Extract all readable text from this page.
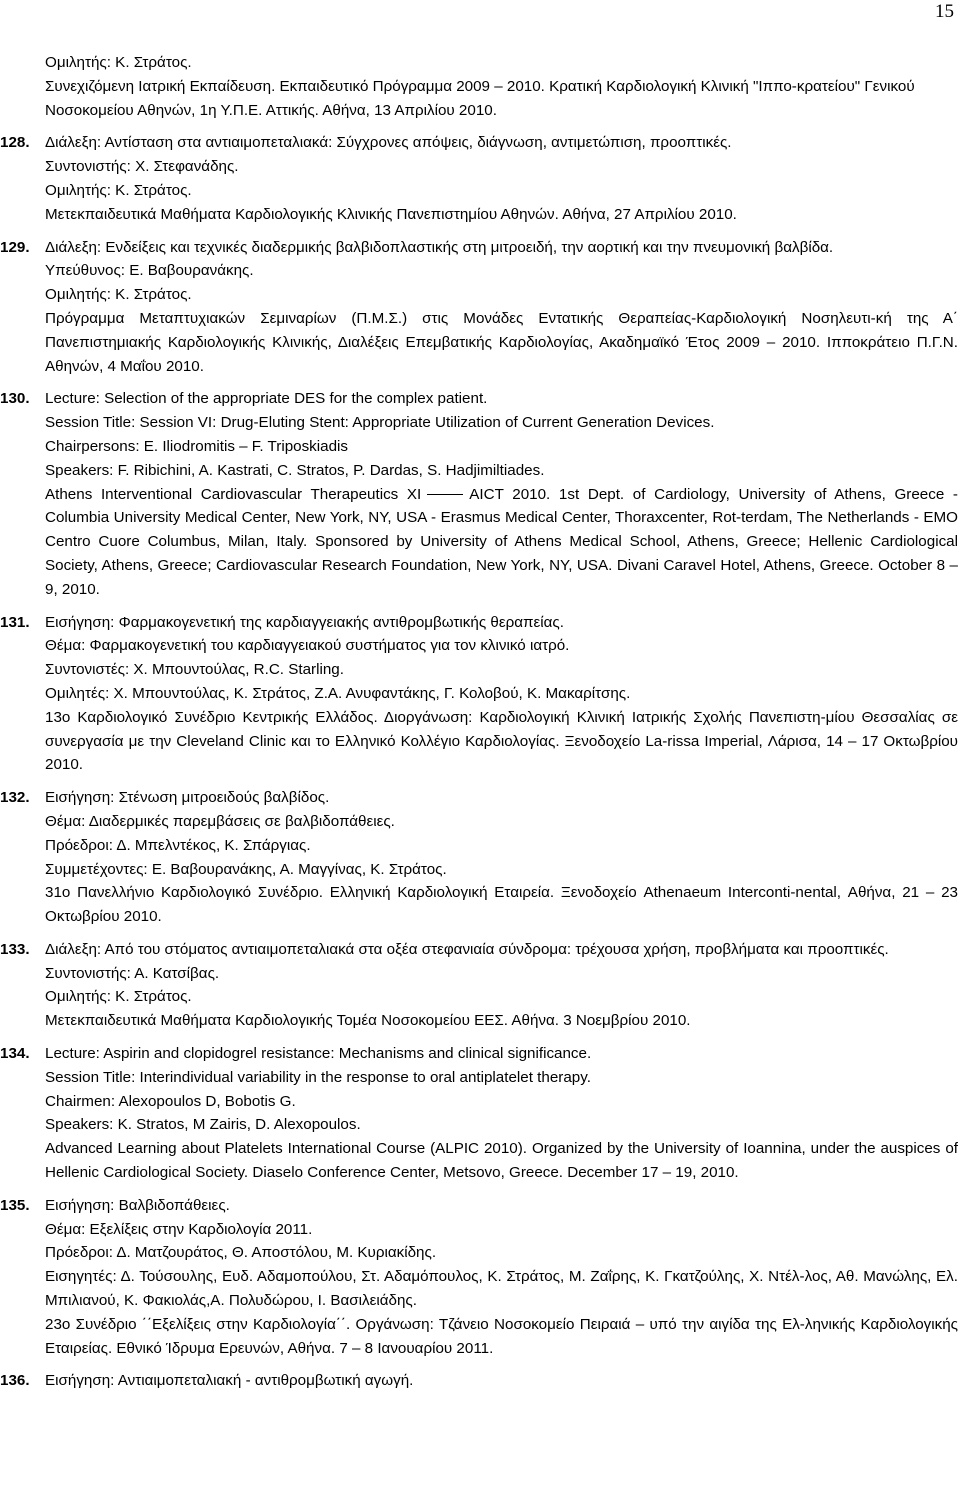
15
Ομιλητής: Κ. Στράτος.
Συνεχιζόμενη Ιατρική Εκπαίδευση. Εκπαιδευτικό Πρόγραμμα 2009 – 2010. Κρατική Καρδιολογική Κλινική "Ιππο-κρατείου" Γενικού Νοσοκομείου Αθηνών, 1η Υ.Π.Ε. Αττικής. Αθήνα, 13 Απριλίου 2010.
128.	Διάλεξη: Αντίσταση στα αντιαιμοπεταλιακά: Σύγχρονες απόψεις, διάγνωση, αντιμετώπιση, προοπτικές.
Συντονιστής: Χ. Στεφανάδης.
Ομιλητής: Κ. Στράτος.
Μετεκπαιδευτικά Μαθήματα Καρδιολογικής Κλινικής Πανεπιστημίου Αθηνών. Αθήνα, 27 Απριλίου 2010.
129.	Διάλεξη: Ενδείξεις και τεχνικές διαδερμικής βαλβιδοπλαστικής στη μιτροειδή, την αορτική και την πνευμονική βαλβίδα.
Υπεύθυνος: Ε. Βαβουρανάκης.
Ομιλητής: Κ. Στράτος.
Πρόγραμμα Μεταπτυχιακών Σεμιναρίων (Π.Μ.Σ.) στις Μονάδες Εντατικής Θεραπείας-Καρδιολογική Νοσηλευτι-κή της Α΄ Πανεπιστημιακής Καρδιολογικής Κλινικής, Διαλέξεις Επεμβατικής Καρδιολογίας, Ακαδημαϊκό Έτος 2009 – 2010. Ιπποκράτειο Π.Γ.Ν. Αθηνών, 4 Μαΐου 2010.
130.	Lecture: Selection of the appropriate DES for the complex patient.
Session Title: Session VI: Drug-Eluting Stent: Appropriate Utilization of Current Generation Devices.
Chairpersons: E. Iliodromitis – F. Triposkiadis
Speakers: F. Ribichini, A. Kastrati, C. Stratos, P. Dardas, S. Hadjimiltiades.
Athens Interventional Cardiovascular Therapeutics XI	AICT 2010. 1st Dept. of Cardiology, University of Athens, Greece - Columbia University Medical Center, New York, NY, USA - Erasmus Medical Center, Thoraxcenter, Rot-terdam, The Netherlands - EMO Centro Cuore Columbus, Milan, Italy. Sponsored by University of Athens Medical School, Athens, Greece; Hellenic Cardiological Society, Athens, Greece; Cardiovascular Research Foundation, New York, NY, USA. Divani Caravel Hotel, Athens, Greece. October 8 – 9, 2010.
131.	Εισήγηση: Φαρμακογενετική της καρδιαγγειακής αντιθρομβωτικής θεραπείας.
Θέμα: Φαρμακογενετική του καρδιαγγειακού συστήματος για τον κλινικό ιατρό.
Συντονιστές: Χ. Μπουντούλας, R.C. Starling.
Ομιλητές: Χ. Μπουντούλας, Κ. Στράτος, Ζ.Α. Ανυφαντάκης, Γ. Κολοβού, Κ. Μακαρίτσης.
13ο Καρδιολογικό Συνέδριο Κεντρικής Ελλάδος. Διοργάνωση: Καρδιολογική Κλινική Ιατρικής Σχολής Πανεπιστη-μίου Θεσσαλίας σε συνεργασία με την Cleveland Clinic και το Ελληνικό Κολλέγιο Καρδιολογίας. Ξενοδοχείο La-rissa Imperial, Λάρισα, 14 – 17 Οκτωβρίου 2010.
132.	Εισήγηση: Στένωση μιτροειδούς βαλβίδος.
Θέμα: Διαδερμικές παρεμβάσεις σε βαλβιδοπάθειες.
Πρόεδροι: Δ. Μπελντέκος, Κ. Σπάργιας.
Συμμετέχοντες: Ε. Βαβουρανάκης, Α. Μαγγίνας, Κ. Στράτος.
31ο Πανελλήνιο Καρδιολογικό Συνέδριο. Ελληνική Καρδιολογική Εταιρεία. Ξενοδοχείο Athenaeum Interconti-nental, Αθήνα, 21 – 23 Οκτωβρίου 2010.
133.	Διάλεξη: Από του στόματος αντιαιμοπεταλιακά στα οξέα στεφανιαία σύνδρομα: τρέχουσα χρήση, προβλήματα και προοπτικές.
Συντονιστής: Α. Κατσίβας.
Ομιλητής: Κ. Στράτος.
Μετεκπαιδευτικά Μαθήματα Καρδιολογικής Τομέα Νοσοκομείου ΕΕΣ. Αθήνα. 3 Νοεμβρίου 2010.
134.	Lecture: Aspirin and clopidogrel resistance: Mechanisms and clinical significance.
Session Title: Interindividual variability in the response to oral antiplatelet therapy.
Chairmen: Alexopoulos D, Bobotis G.
Speakers: K. Stratos, M Zairis, D. Alexopoulos.
Advanced Learning about Platelets International Course (ALPIC 2010). Organized by the University of Ioannina, under the auspices of Hellenic Cardiological Society. Diaselo Conference Center, Metsovo, Greece. December 17 – 19, 2010.
135.	Εισήγηση: Βαλβιδοπάθειες.
Θέμα: Εξελίξεις στην Καρδιολογία 2011.
Πρόεδροι: Δ. Ματζουράτος, Θ. Αποστόλου, Μ. Κυριακίδης.
Εισηγητές: Δ. Τούσουλης, Ευδ. Αδαμοπούλου, Στ. Αδαμόπουλος, Κ. Στράτος, Μ. Ζαΐρης, Κ. Γκατζούλης, Χ. Ντέλ-λος, Αθ. Μανώλης, Ελ. Μπιλιανού, Κ. Φακιολάς,Α. Πολυδώρου, Ι. Βασιλειάδης.
23ο Συνέδριο ΄΄Εξελίξεις στην Καρδιολογία΄΄. Οργάνωση: Τζάνειο Νοσοκομείο Πειραιά – υπό την αιγίδα της Ελ-ληνικής Καρδιολογικής Εταιρείας. Εθνικό Ίδρυμα Ερευνών, Αθήνα. 7 – 8 Ιανουαρίου 2011.
136.	Εισήγηση: Αντιαιμοπεταλιακή - αντιθρομβωτική αγωγή.
